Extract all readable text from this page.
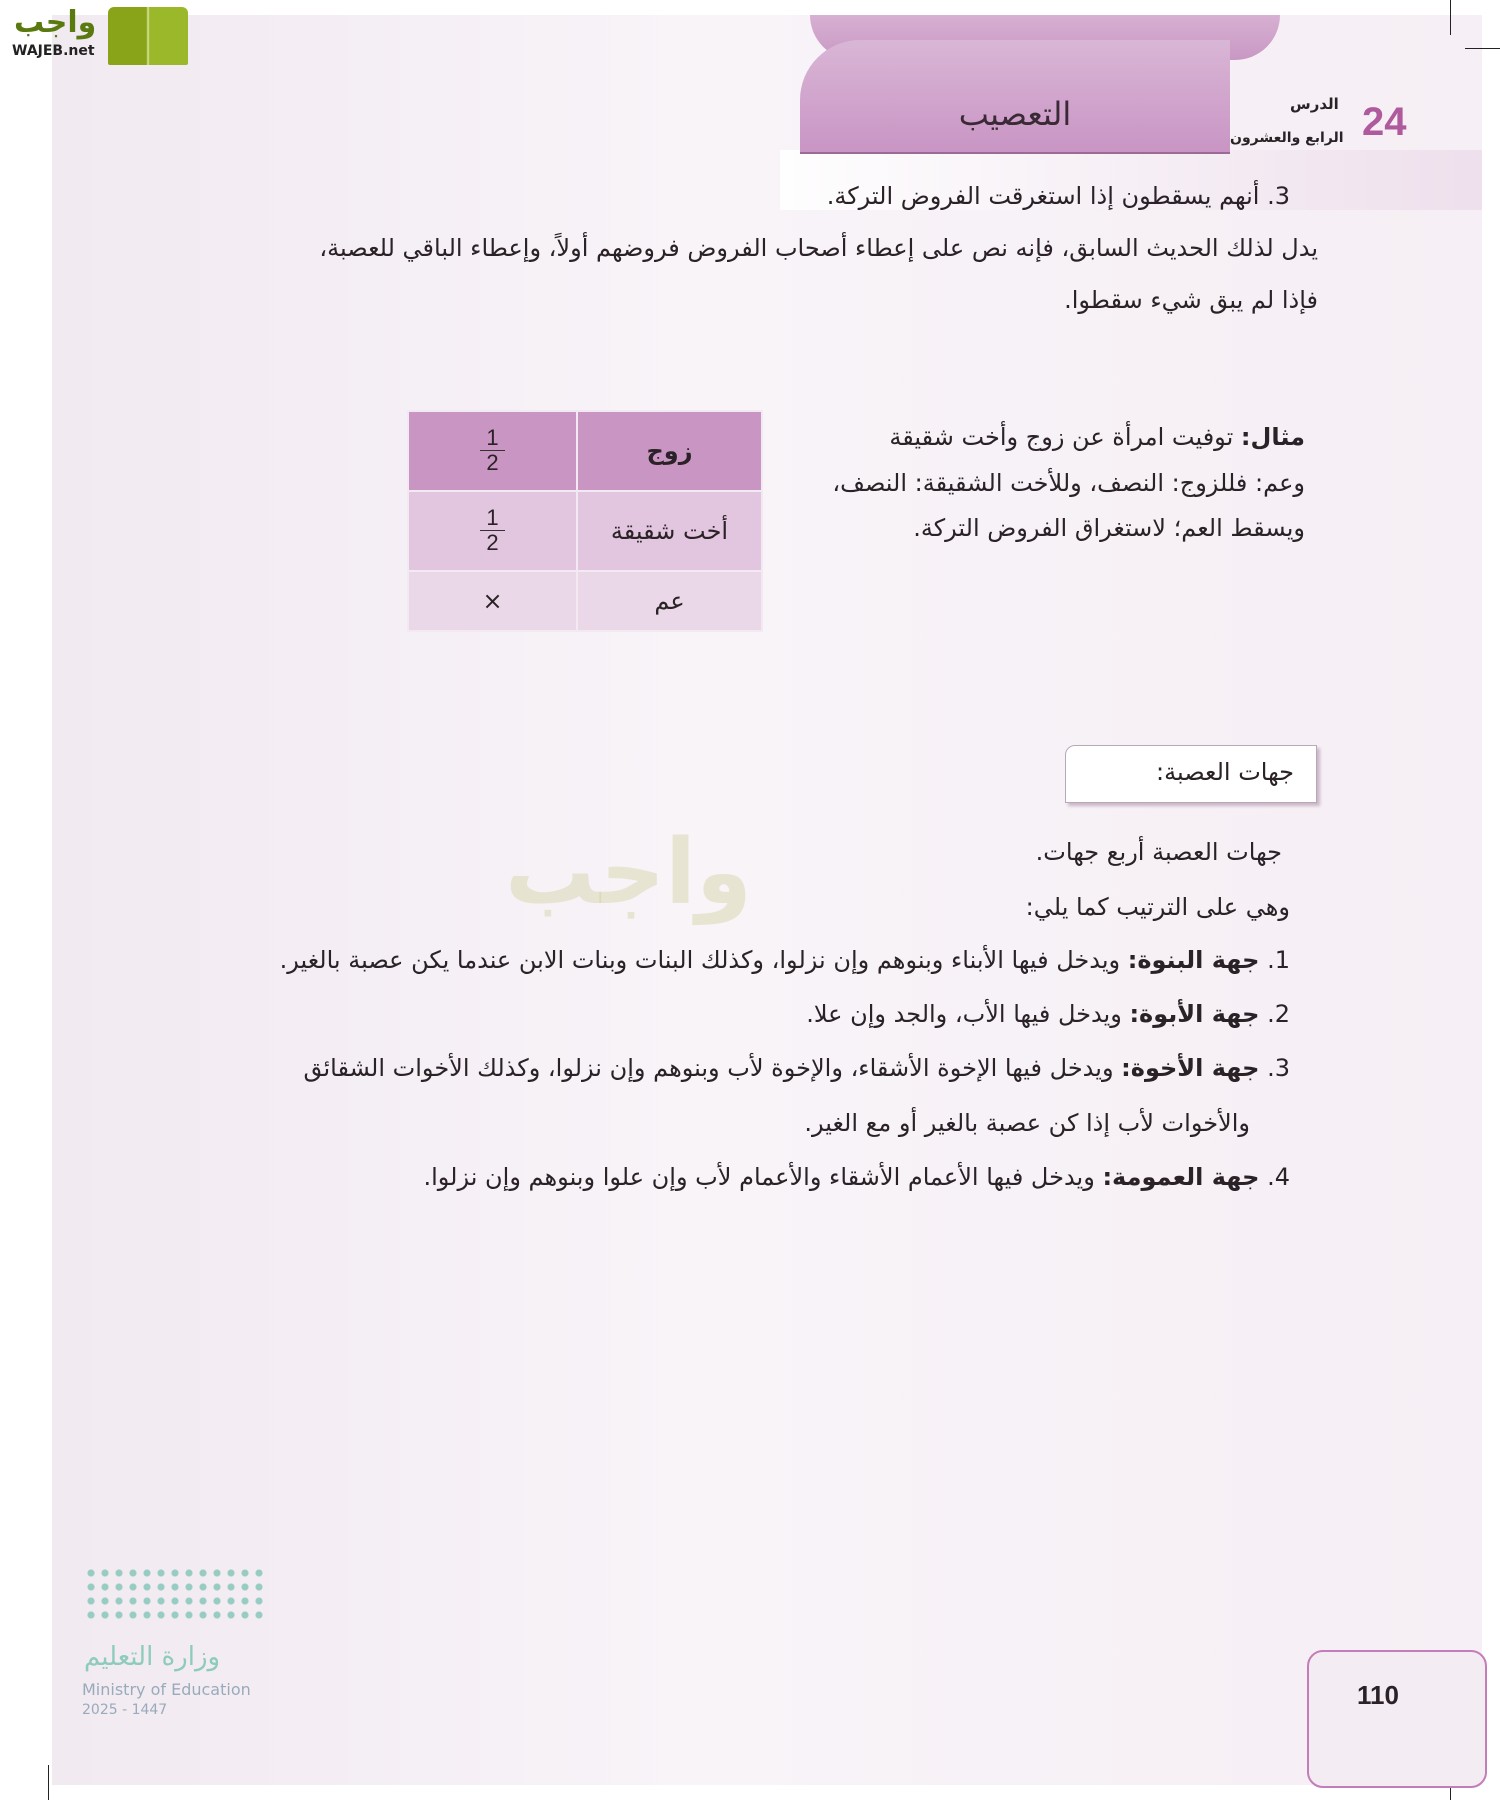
واجب
WAJEB.net
التعصيب	24
الدرس
الرابع والعشرون
3. أنهم يسقطون إذا استغرقت الفروض التركة.
يدل لذلك الحديث السابق، فإنه نص على إعطاء أصحاب الفروض فروضهم أولاً، وإعطاء الباقي للعصبة،
فإذا لم يبق شيء سقطوا.
مثال: توفيت امرأة عن زوج وأخت شقيقة
وعم: فللزوج: النصف، وللأخت الشقيقة: النصف،
ويسقط العم؛ لاستغراق الفروض التركة.
$\frac{1}{2}$	زوج

$\frac{1}{2}$	أخت شقيقة
×	عم
جهات العصبة:
واجب	جهات العصبة أربع جهات.
وهي على الترتيب كما يلي:
1. جهة البنوة: ويدخل فيها الأبناء وبنوهم وإن نزلوا، وكذلك البنات وبنات الابن عندما يكن عصبة بالغير.
2. جهة الأبوة: ويدخل فيها الأب، والجد وإن علا.
3. جهة الأخوة: ويدخل فيها الإخوة الأشقاء، والإخوة لأب وبنوهم وإن نزلوا، وكذلك الأخوات الشقائق
والأخوات لأب إذا كن عصبة بالغير أو مع الغير.
4. جهة العمومة: ويدخل فيها الأعمام الأشقاء والأعمام لأب وإن علوا وبنوهم وإن نزلوا.
وزارة التعليم
Ministry of Education
2025 - 1447	110
